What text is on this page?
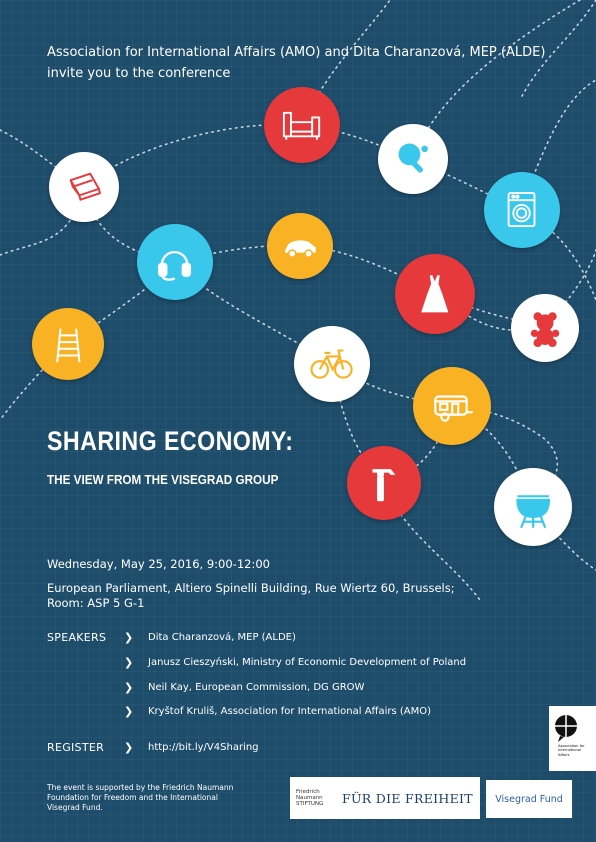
Association for International Affairs (AMO) and Dita Charanzová, MEP (ALDE)
invite you to the conference
SHARING ECONOMY:
THE VIEW FROM THE VISEGRAD GROUP
Wednesday, May 25, 2016, 9:00-12:00
European Parliament, Altiero Spinelli Building, Rue Wiertz 60, Brussels;
Room: ASP 5 G-1
SPEAKERS ❯ Dita Charanzová, MEP (ALDE)
❯ Janusz Cieszyński, Ministry of Economic Development of Poland
❯ Neil Kay, European Commission, DG GROW
❯ Kryštof Kruliš, Association for International Affairs (AMO)
REGISTER ❯ http://bit.ly/V4Sharing	Association for International Affairs
The event is supported by the Friedrich Naumann
Foundation for Freedom and the International
Visegrad Fund.
Friedrich Naumann STIFTUNG	FÜR DIE FREIHEIT Visegrad Fund
